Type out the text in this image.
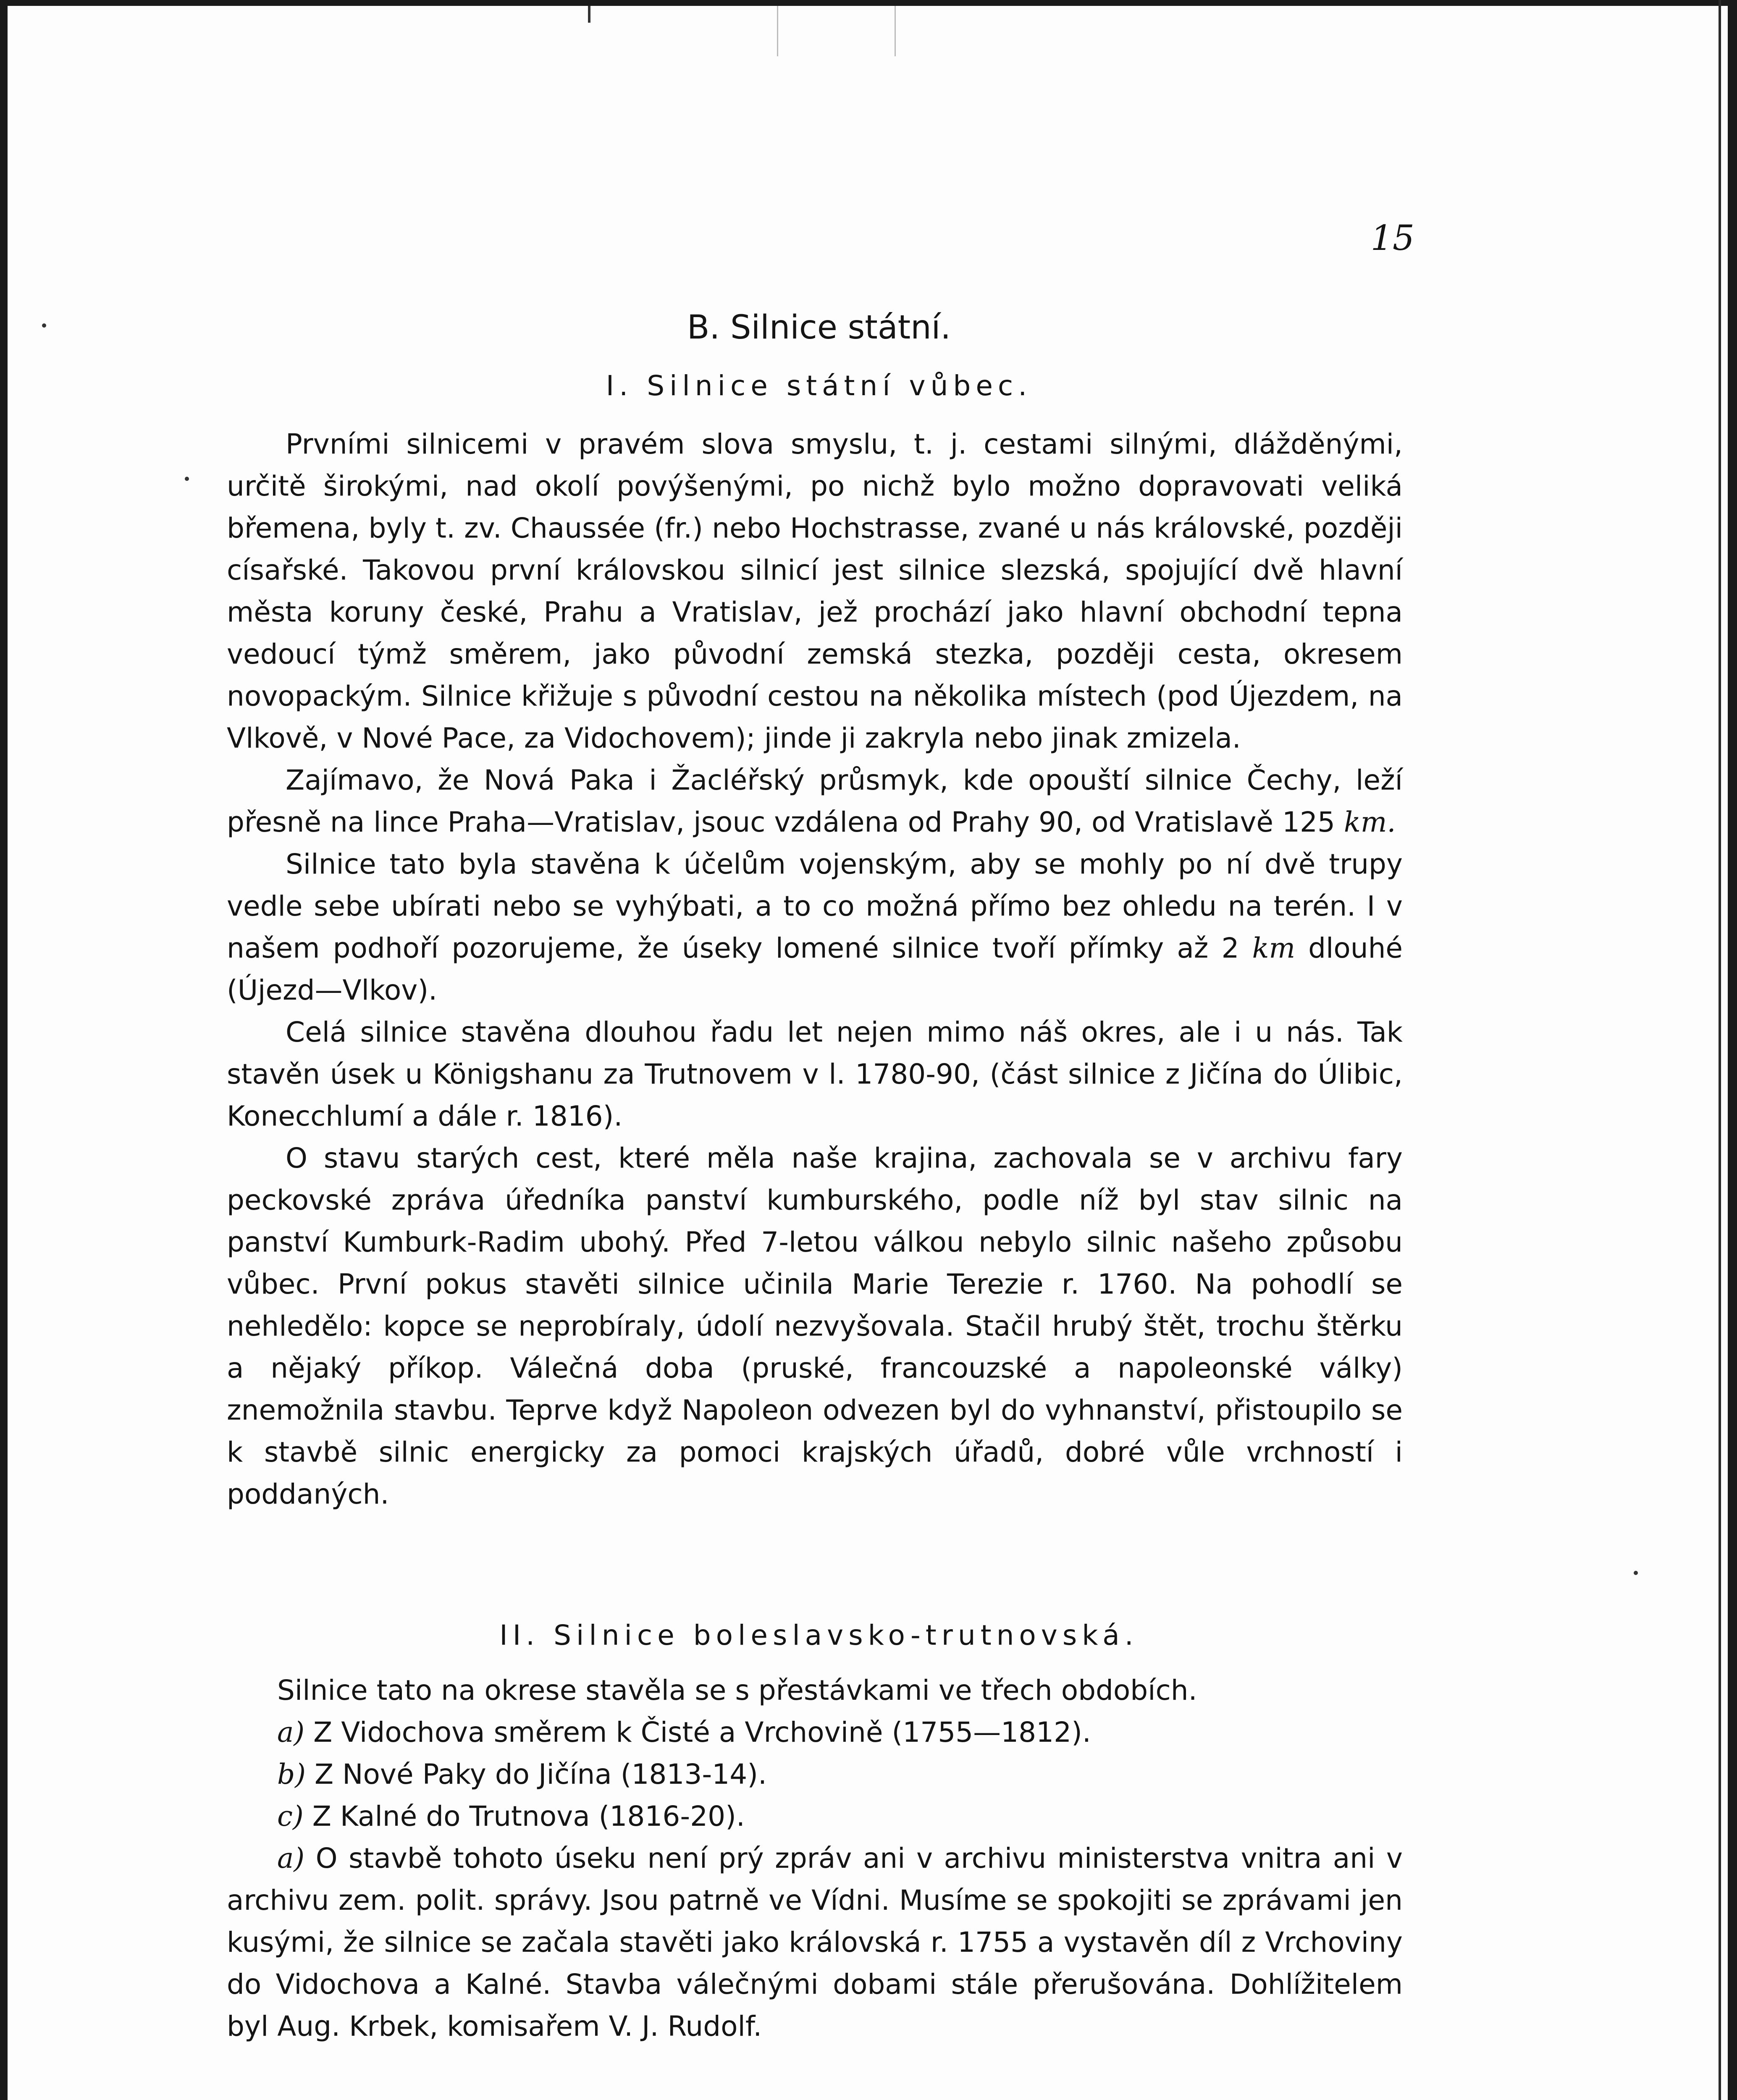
15
B. Silnice státní.
I. Silnice státní vůbec.

Prvními silnicemi v pravém slova smyslu, t. j. cestami silnými, dlážděnými, určitě širokými, nad okolí povýšenými, po nichž bylo možno dopravovati veliká břemena, byly t. zv. Chaussée (fr.) nebo Hochstrasse, zvané u nás královské, později císařské. Takovou první královskou silnicí jest silnice slezská, spojující dvě hlavní města koruny české, Prahu a Vratislav, jež prochází jako hlavní obchodní tepna vedoucí týmž směrem, jako původní zemská stezka, později cesta, okresem novopackým. Silnice křižuje s původní cestou na několika místech (pod Újezdem, na Vlkově, v Nové Pace, za Vidochovem); jinde ji zakryla nebo jinak zmizela.

Zajímavo, že Nová Paka i Žacléřský průsmyk, kde opouští silnice Čechy, leží přesně na lince Praha—Vratislav, jsouc vzdálena od Prahy 90, od Vratislavě 125 km.

Silnice tato byla stavěna k účelům vojenským, aby se mohly po ní dvě trupy vedle sebe ubírati nebo se vyhýbati, a to co možná přímo bez ohledu na terén. I v našem podhoří pozorujeme, že úseky lomené silnice tvoří přímky až 2 km dlouhé (Újezd—Vlkov).

Celá silnice stavěna dlouhou řadu let nejen mimo náš okres, ale i u nás. Tak stavěn úsek u Königshanu za Trutnovem v l. 1780-90, (část silnice z Jičína do Úlibic, Konecchlumí a dále r. 1816).

O stavu starých cest, které měla naše krajina, zachovala se v archivu fary peckovské zpráva úředníka panství kumburského, podle níž byl stav silnic na panství Kumburk-Radim ubohý. Před 7-letou válkou nebylo silnic našeho způsobu vůbec. První pokus stavěti silnice učinila Marie Terezie r. 1760. Na pohodlí se nehledělo: kopce se neprobíraly, údolí nezvyšovala. Stačil hrubý štět, trochu štěrku a nějaký příkop. Válečná doba (pruské, francouzské a napoleonské války) znemožnila stavbu. Teprve když Napoleon odvezen byl do vyhnanství, přistoupilo se k stavbě silnic energicky za pomoci krajských úřadů, dobré vůle vrchností i poddaných.

II. Silnice boleslavsko-trutnovská.

Silnice tato na okrese stavěla se s přestávkami ve třech obdobích.

a) Z Vidochova směrem k Čisté a Vrchovině (1755—1812).

b) Z Nové Paky do Jičína (1813-14).

c) Z Kalné do Trutnova (1816-20).

a) O stavbě tohoto úseku není prý zpráv ani v archivu ministerstva vnitra ani v archivu zem. polit. správy. Jsou patrně ve Vídni. Musíme se spokojiti se zprávami jen kusými, že silnice se začala stavěti jako královská r. 1755 a vystavěn díl z Vrchoviny do Vidochova a Kalné. Stavba válečnými dobami stále přerušována. Dohlížitelem byl Aug. Krbek, komisařem V. J. Rudolf.
